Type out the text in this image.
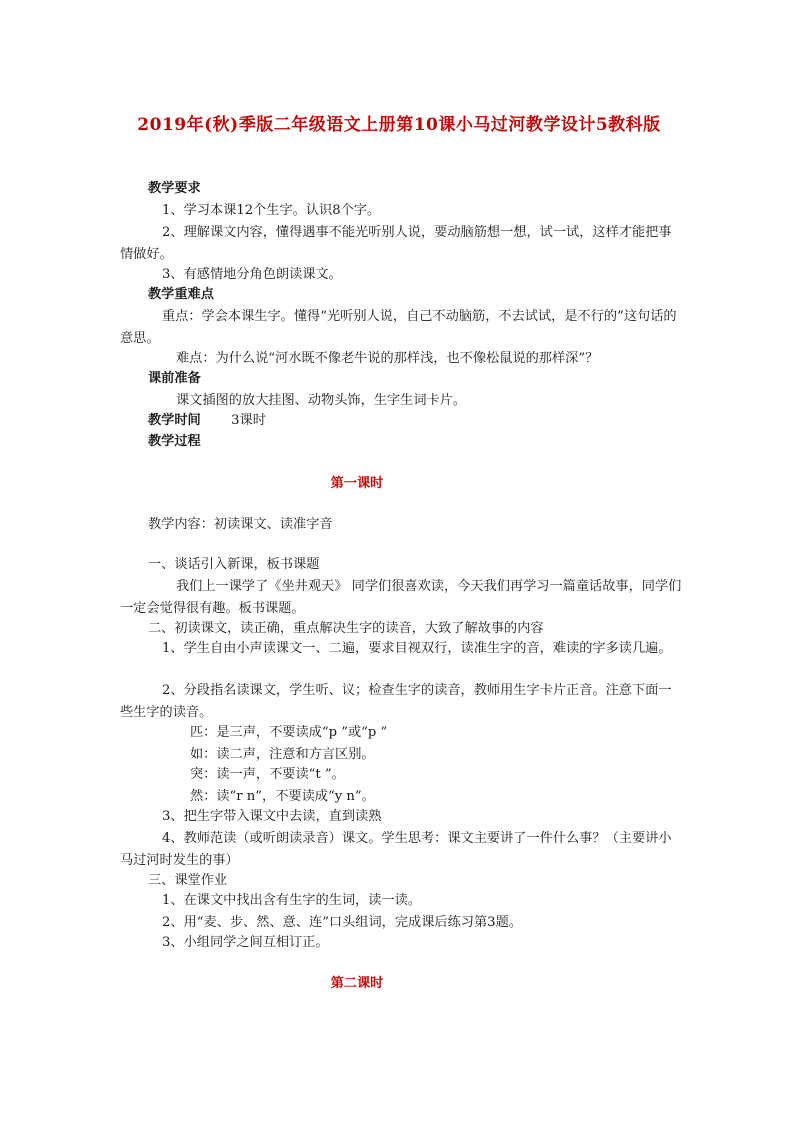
2019年(秋)季版二年级语文上册第10课小马过河教学设计5教科版
教学要求
1、学习本课12个生字。认识8个字。
2、理解课文内容，懂得遇事不能光听别人说，要动脑筋想一想，试一试，这样才能把事情做好。
3、有感情地分角色朗读课文。
教学重难点
重点：学会本课生字。懂得“光听别人说，自己不动脑筋，不去试试，是不行的”这句话的意思。
难点：为什么说“河水既不像老牛说的那样浅，也不像松鼠说的那样深”？
课前准备
课文插图的放大挂图、动物头饰，生字生词卡片。
教学时间 3课时
教学过程
第一课时
教学内容：初读课文、读准字音
一、谈话引入新课，板书课题
我们上一课学了《坐井观天》 同学们很喜欢读，今天我们再学习一篇童话故事，同学们一定会觉得很有趣。板书课题。
二、初读课文，读正确，重点解决生字的读音，大致了解故事的内容
1、学生自由小声读课文一、二遍，要求目视双行，读准生字的音，难读的字多读几遍。
2、分段指名读课文，学生听、议；检查生字的读音，教师用生字卡片正音。注意下面一些生字的读音。
匹：是三声，不要读成“p ”或“p ”
如：读二声，注意和方言区别。
突：读一声，不要读“t ”。
然：读“r n”，不要读成“y n”。
3、把生字带入课文中去读，直到读熟
4、教师范读（或听朗读录音）课文。学生思考：课文主要讲了一件什么事？（主要讲小马过河时发生的事）
三、课堂作业
1、在课文中找出含有生字的生词，读一读。
2、用“麦、步、然、意、连”口头组词，完成课后练习第3题。
3、小组同学之间互相订正。
第二课时
